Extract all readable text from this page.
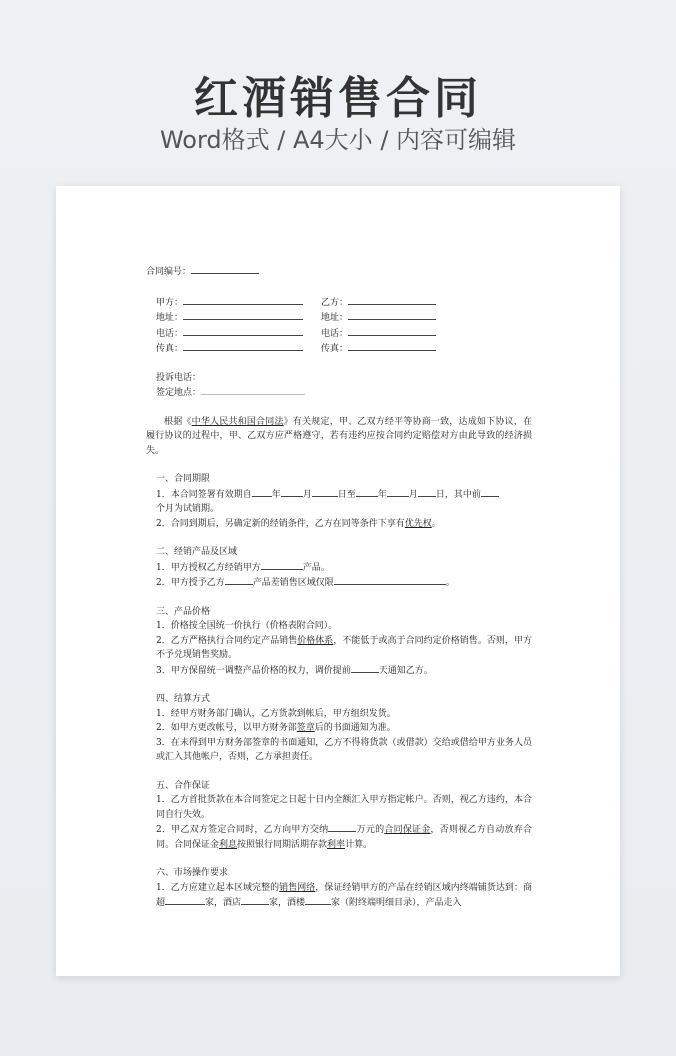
红酒销售合同
Word格式 / A4大小 / 内容可编辑
合同编号：
甲方：	乙方：
地址：	地址：
电话：	电话：
传真：	传真：
投诉电话：
签定地点：

根据《中华人民共和国合同法》有关规定，甲、乙双方经平等协商一致，达成如下协议，在履行协议的过程中，甲、乙双方应严格遵守，若有违约应按合同约定赔偿对方由此导致的经济损失。

一、合同期限

1．本合同签署有效期自 年 月	日至 年 月 日，其中前
个月为试销期。

2．合同到期后，另确定新的经销条件，乙方在同等条件下享有优先权。

二、经销产品及区域

1．甲方授权乙方经销甲方	产品。

2．甲方授予乙方	产品差销售区域仅限	。

三、产品价格

1．价格按全国统一价执行（价格表附合同）。

2．乙方严格执行合同约定产品销售价格体系，不能低于或高于合同约定价格销售。否则，甲方不予兑现销售奖励。

3．甲方保留统一调整产品价格的权力，调价提前	天通知乙方。

四、结算方式

1．经甲方财务部门确认，乙方货款到帐后，甲方组织发货。

2．如甲方更改帐号，以甲方财务部签章后的书面通知为准。

3．在未得到甲方财务部签章的书面通知，乙方不得将货款（或借款）交给或借给甲方业务人员或汇入其他帐户，否则，乙方承担责任。

五、合作保证

1．乙方首批货款在本合同签定之日起十日内全额汇入甲方指定帐户。否则，视乙方违约，本合同自行失效。

2．甲乙双方签定合同时，乙方向甲方交纳	万元的合同保证金，否则视乙方自动放弃合同。合同保证金利息按照银行同期活期存款利率计算。

六、市场操作要求

1．乙方应建立起本区域完整的销售网络，保证经销甲方的产品在经销区域内终端铺货达到：商超	家，酒店	家，酒楼	家（附终端明细目录），产品走入
